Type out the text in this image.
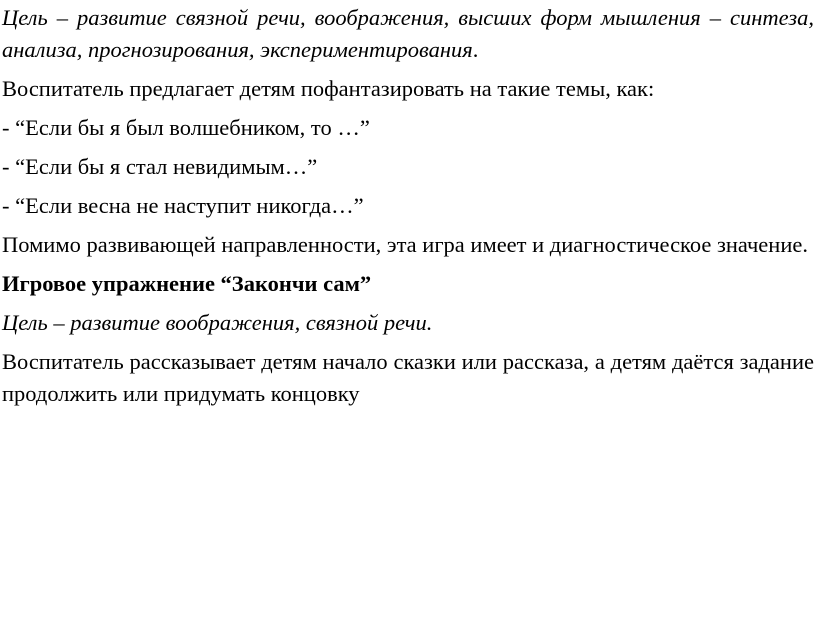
Цель – развитие связной речи, воображения, высших форм мышления – синтеза, анализа, прогнозирования, экспериментирования.

Воспитатель предлагает детям пофантазировать на такие темы, как:

- “Если бы я был волшебником, то …”

- “Если бы я стал невидимым…”

- “Если весна не наступит никогда…”

Помимо развивающей направленности, эта игра имеет и диагностическое значение.

Игровое упражнение “Закончи сам”

Цель – развитие воображения, связной речи.

Воспитатель рассказывает детям начало сказки или рассказа, а детям даётся задание продолжить или придумать концовку
